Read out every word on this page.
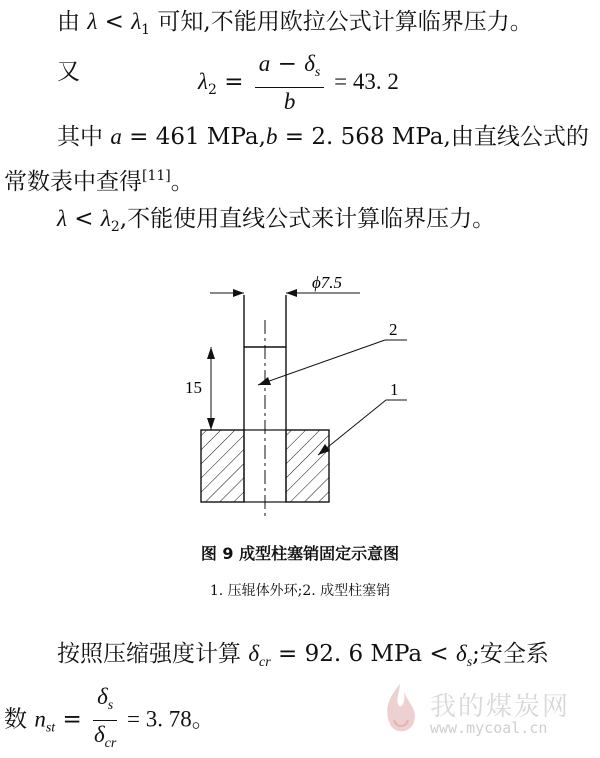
由 $\lambda < \lambda_1$ 可知,不能用欧拉公式计算临界压力。
又	$\lambda_2 = \frac{a - \delta_s}{b} = 43$. 2
其中 a = 461 MPa,b = 2. 568 MPa,由直线公式的
常数表中查得[11]。
$\lambda < \lambda_2$,不能使用直线公式来计算临界压力。
ϕ7.5
15
2
1
图 9 成型柱塞销固定示意图
1. 压辊体外环;2. 成型柱塞销
按照压缩强度计算 $\delta_{cr} = 92$. 6 MPa < $\delta_s$;安全系
数 $n_{st} = \frac{\delta_s}{\delta_{cr}} = 3$. 78。	我的煤炭网
www.mycoal.cn
